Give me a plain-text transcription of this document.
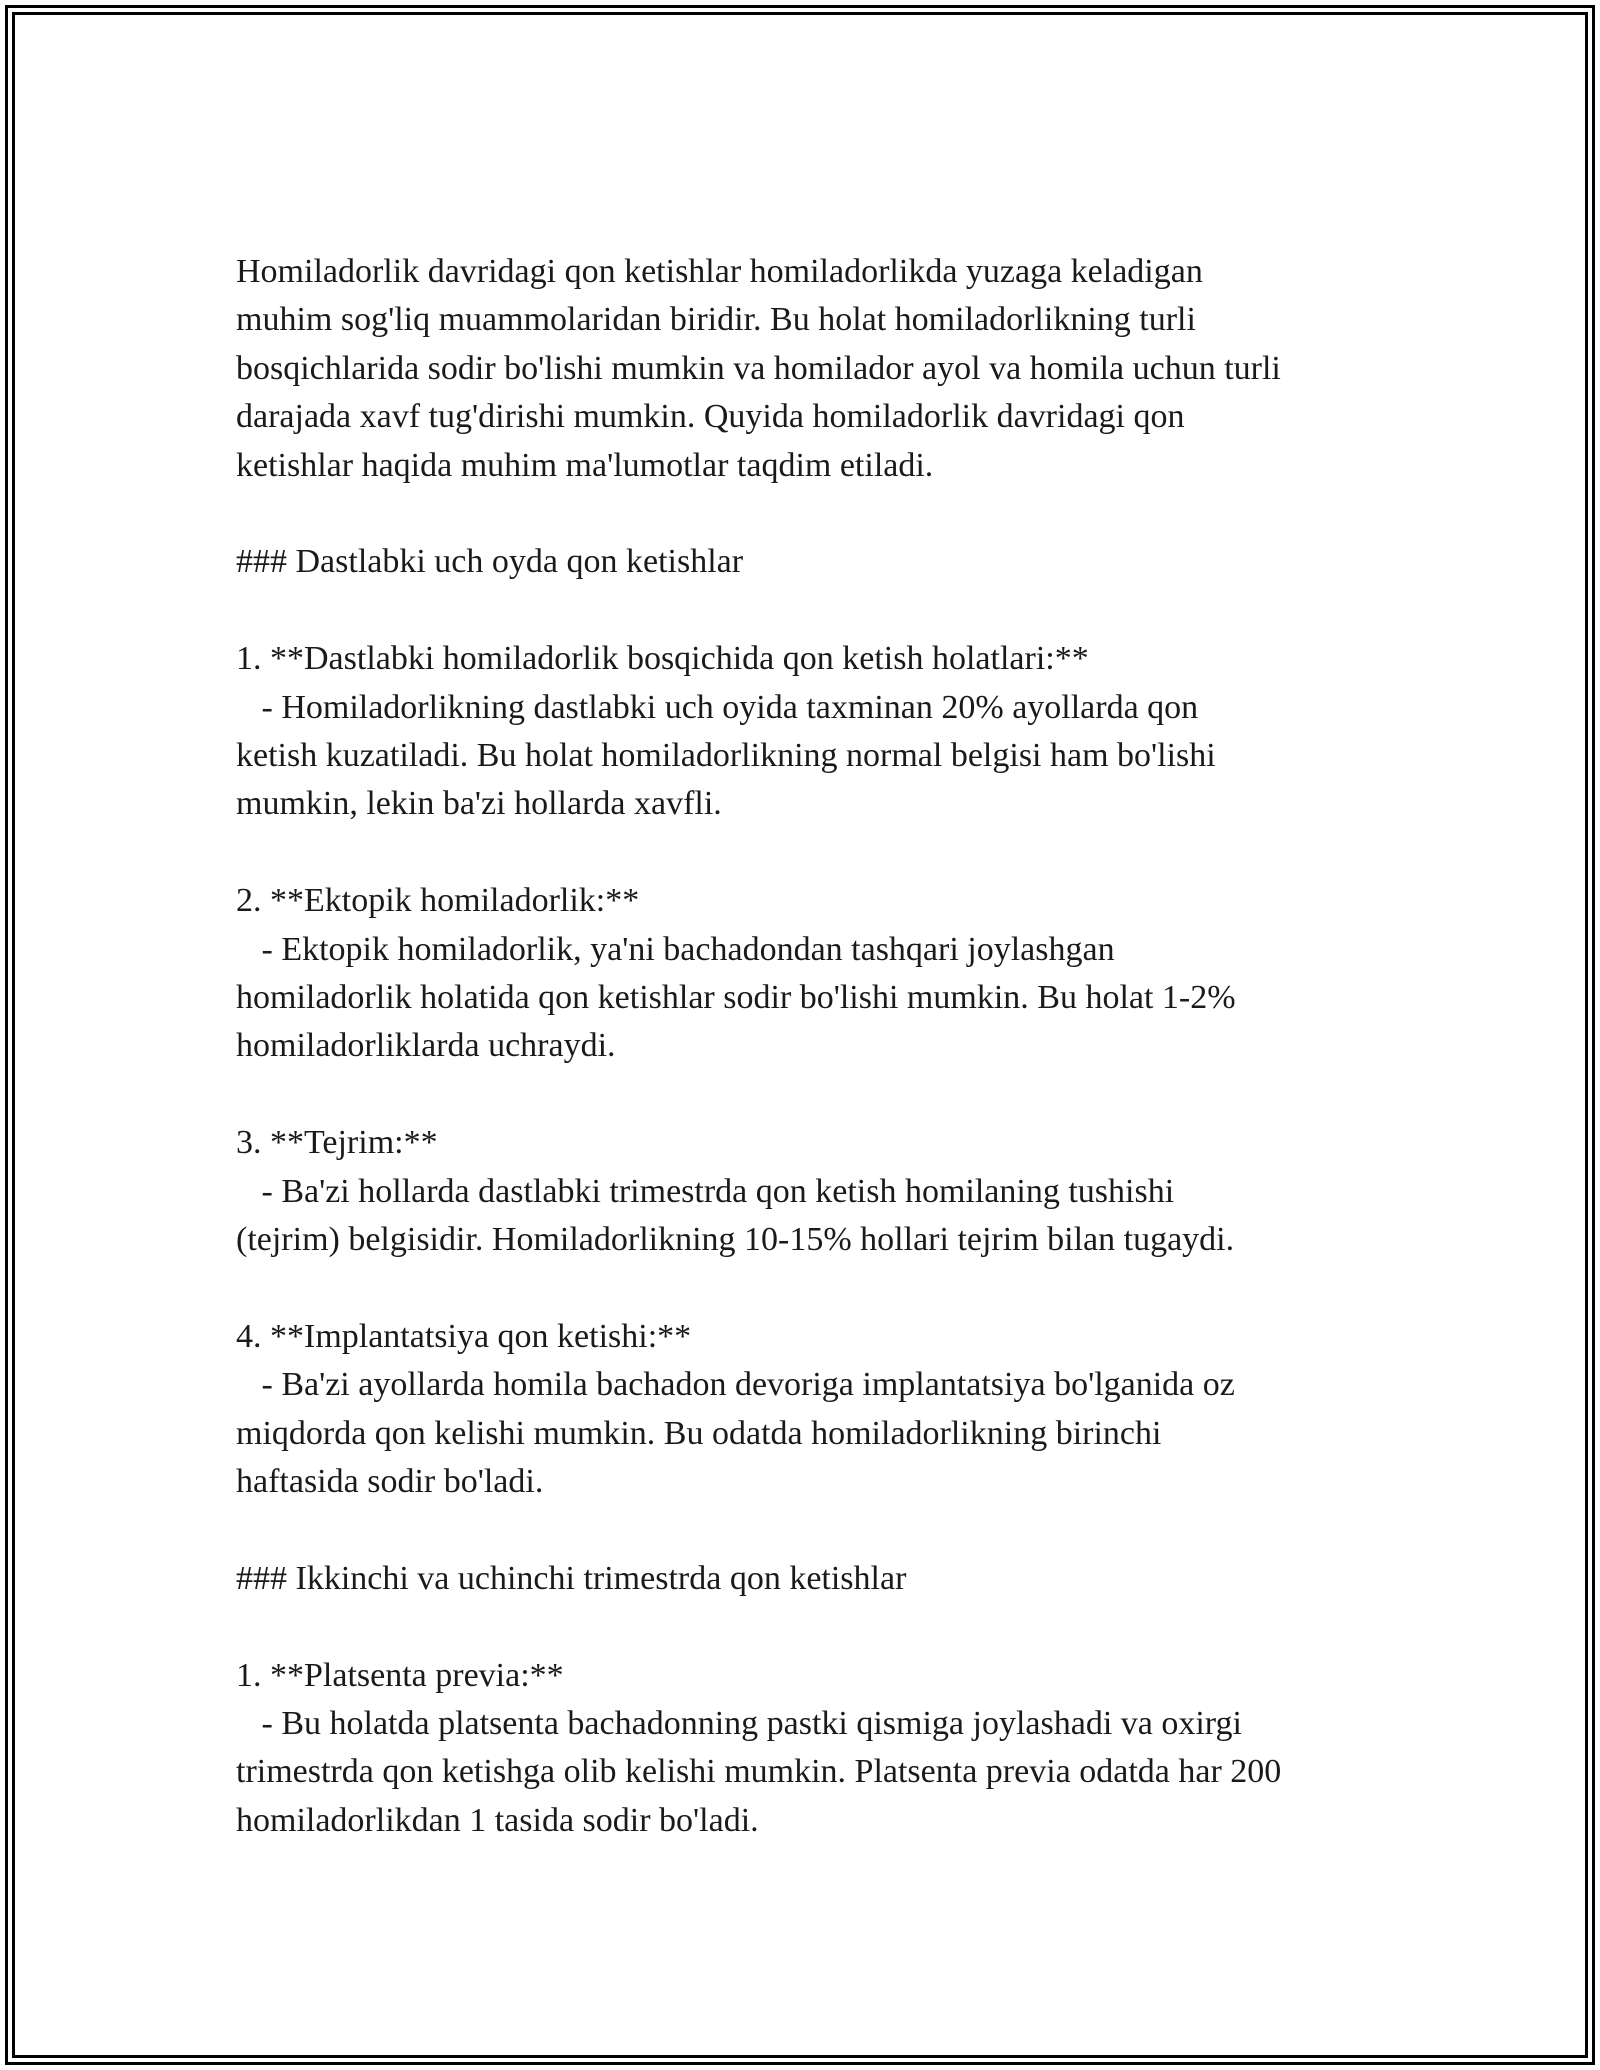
Homiladorlik davridagi qon ketishlar homiladorlikda yuzaga keladigan
muhim sog'liq muammolaridan biridir. Bu holat homiladorlikning turli
bosqichlarida sodir bo'lishi mumkin va homilador ayol va homila uchun turli
darajada xavf tug'dirishi mumkin. Quyida homiladorlik davridagi qon
ketishlar haqida muhim ma'lumotlar taqdim etiladi.
### Dastlabki uch oyda qon ketishlar
1. **Dastlabki homiladorlik bosqichida qon ketish holatlari:**
- Homiladorlikning dastlabki uch oyida taxminan 20% ayollarda qon
ketish kuzatiladi. Bu holat homiladorlikning normal belgisi ham bo'lishi
mumkin, lekin ba'zi hollarda xavfli.
2. **Ektopik homiladorlik:**
- Ektopik homiladorlik, ya'ni bachadondan tashqari joylashgan
homiladorlik holatida qon ketishlar sodir bo'lishi mumkin. Bu holat 1-2%
homiladorliklarda uchraydi.
3. **Tejrim:**
- Ba'zi hollarda dastlabki trimestrda qon ketish homilaning tushishi
(tejrim) belgisidir. Homiladorlikning 10-15% hollari tejrim bilan tugaydi.
4. **Implantatsiya qon ketishi:**
- Ba'zi ayollarda homila bachadon devoriga implantatsiya bo'lganida oz
miqdorda qon kelishi mumkin. Bu odatda homiladorlikning birinchi
haftasida sodir bo'ladi.
### Ikkinchi va uchinchi trimestrda qon ketishlar
1. **Platsenta previa:**
- Bu holatda platsenta bachadonning pastki qismiga joylashadi va oxirgi
trimestrda qon ketishga olib kelishi mumkin. Platsenta previa odatda har 200
homiladorlikdan 1 tasida sodir bo'ladi.
